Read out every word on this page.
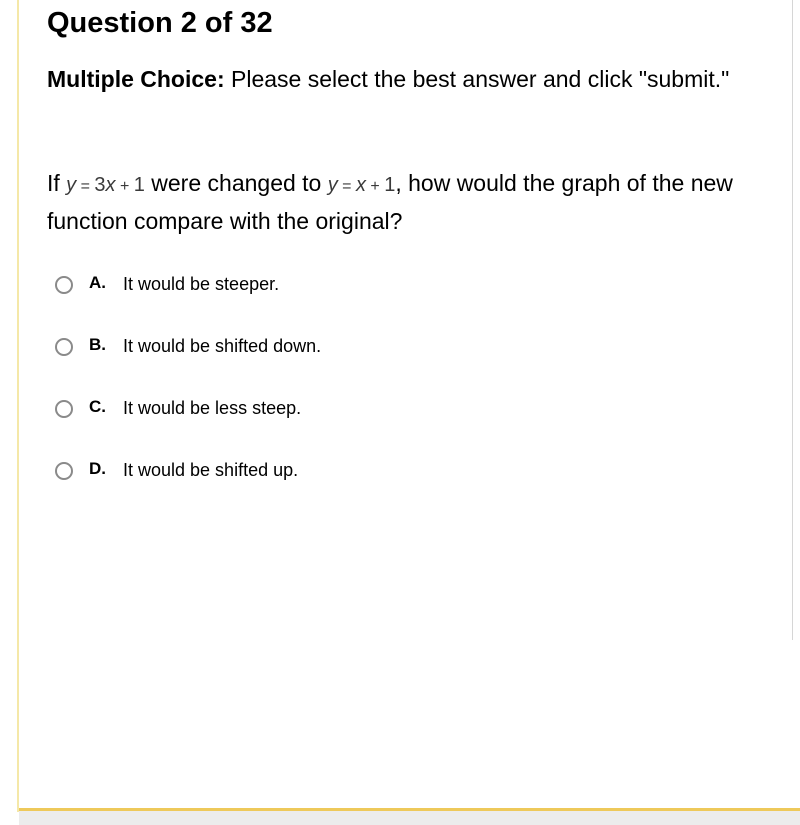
Question 2 of 32

Multiple Choice: Please select the best answer and click "submit."

If y = 3x + 1 were changed to y = x + 1, how would the graph of the new function compare with the original?

A. It would be steeper.
B. It would be shifted down.
C. It would be less steep.
D. It would be shifted up.
